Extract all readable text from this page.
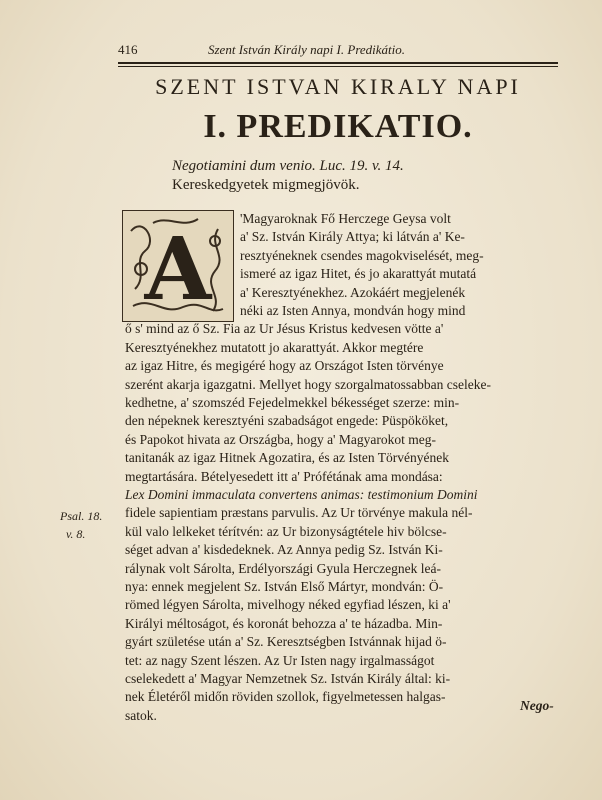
416	Szent István Király napi I. Predikátio.
SZENT ISTVAN KIRALY NAPI
I. PREDIKATIO.
Negotiamini dum venio. Luc. 19. v. 14.
Kereskedgyetek migmegjövök.
A
'Magyaroknak Fő Herczege Geysa volt
a' Sz. István Király Attya; ki látván a' Ke-
resztyéneknek csendes magokviselését, meg-
ismeré az igaz Hitet, és jo akarattyát mutatá
a' Keresztyénekhez. Azokáért megjelenék
néki az Isten Annya, mondván hogy mind
ő s' mind az ő Sz. Fia az Ur Jésus Kristus kedvesen vötte a'
Keresztyénekhez mutatott jo akarattyát. Akkor megtére
az igaz Hitre, és megigéré hogy az Országot Isten törvénye
szerént akarja igazgatni. Mellyet hogy szorgalmatossabban cseleke-
kedhetne, a' szomszéd Fejedelmekkel békességet szerze: min-
den népeknek keresztyéni szabadságot engede: Püspököket,
és Papokot hivata az Országba, hogy a' Magyarokot meg-
tanitanák az igaz Hitnek Agozatira, és az Isten Törvényének
megtartására. Bételyesedett itt a' Prófétának ama mondása:
Lex Domini immaculata convertens animas: testimonium Domini
fidele sapientiam præstans parvulis. Az Ur törvénye makula nél-
kül valo lelkeket térítvén: az Ur bizonyságtétele hiv bölcse-
séget advan a' kisdedeknek. Az Annya pedig Sz. István Ki-
rálynak volt Sárolta, Erdélyországi Gyula Herczegnek leá-
nya: ennek megjelent Sz. István Első Mártyr, mondván: Ö-
römed légyen Sárolta, mivelhogy néked egyfiad lészen, ki a'
Királyi méltoságot, és koronát behozza a' te házadba. Min-
gyárt születése után a' Sz. Keresztségben Istvánnak hijad ö-
tet: az nagy Szent lészen. Az Ur Isten nagy irgalmasságot
cselekedett a' Magyar Nemzetnek Sz. István Király által: ki-
nek Életéről midőn röviden szollok, figyelmetessen halgas-
satok.
Psal. 18.
v. 8.
Nego-
